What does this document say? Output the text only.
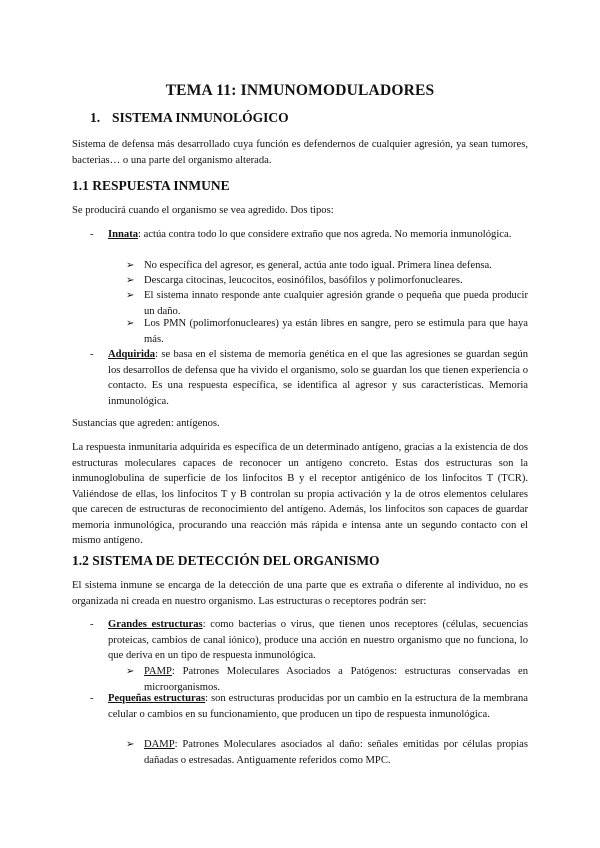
TEMA 11: INMUNOMODULADORES
1. SISTEMA INMUNOLÓGICO

Sistema de defensa más desarrollado cuya función es defendernos de cualquier agresión, ya sean tumores, bacterias… o una parte del organismo alterada.

1.1 RESPUESTA INMUNE

Se producirá cuando el organismo se vea agredido. Dos tipos:

- Innata: actúa contra todo lo que considere extraño que nos agreda. No memoria inmunológica.
➢ No específica del agresor, es general, actúa ante todo igual. Primera línea defensa.
➢ Descarga citocinas, leucocitos, eosinófilos, basófilos y polimorfonucleares.
➢ El sistema innato responde ante cualquier agresión grande o pequeña que pueda producir un daño.
➢ Los PMN (polimorfonucleares) ya están libres en sangre, pero se estimula para que haya más.
- Adquirida: se basa en el sistema de memoria genética en el que las agresiones se guardan según los desarrollos de defensa que ha vivido el organismo, solo se guardan los que tienen experiencia o contacto. Es una respuesta específica, se identifica al agresor y sus características. Memoria inmunológica.

Sustancias que agreden: antígenos.

La respuesta inmunitaria adquirida es específica de un determinado antígeno, gracias a la existencia de dos estructuras moleculares capaces de reconocer un antígeno concreto. Estas dos estructuras son la inmunoglobulina de superficie de los linfocitos B y el receptor antigénico de los linfocitos T (TCR). Valiéndose de ellas, los linfocitos T y B controlan su propia activación y la de otros elementos celulares que carecen de estructuras de reconocimiento del antígeno. Además, los linfocitos son capaces de guardar memoria inmunológica, procurando una reacción más rápida e intensa ante un segundo contacto con el mismo antígeno.

1.2 SISTEMA DE DETECCIÓN DEL ORGANISMO

El sistema inmune se encarga de la detección de una parte que es extraña o diferente al individuo, no es organizada ni creada en nuestro organismo. Las estructuras o receptores podrán ser:

- Grandes estructuras: como bacterias o virus, que tienen unos receptores (células, secuencias proteicas, cambios de canal iónico), produce una acción en nuestro organismo que no funciona, lo que deriva en un tipo de respuesta inmunológica.
➢ PAMP: Patrones Moleculares Asociados a Patógenos: estructuras conservadas en microorganismos.
- Pequeñas estructuras: son estructuras producidas por un cambio en la estructura de la membrana celular o cambios en su funcionamiento, que producen un tipo de respuesta inmunológica.
➢ DAMP: Patrones Moleculares asociados al daño: señales emitidas por células propias dañadas o estresadas. Antiguamente referidos como MPC.
